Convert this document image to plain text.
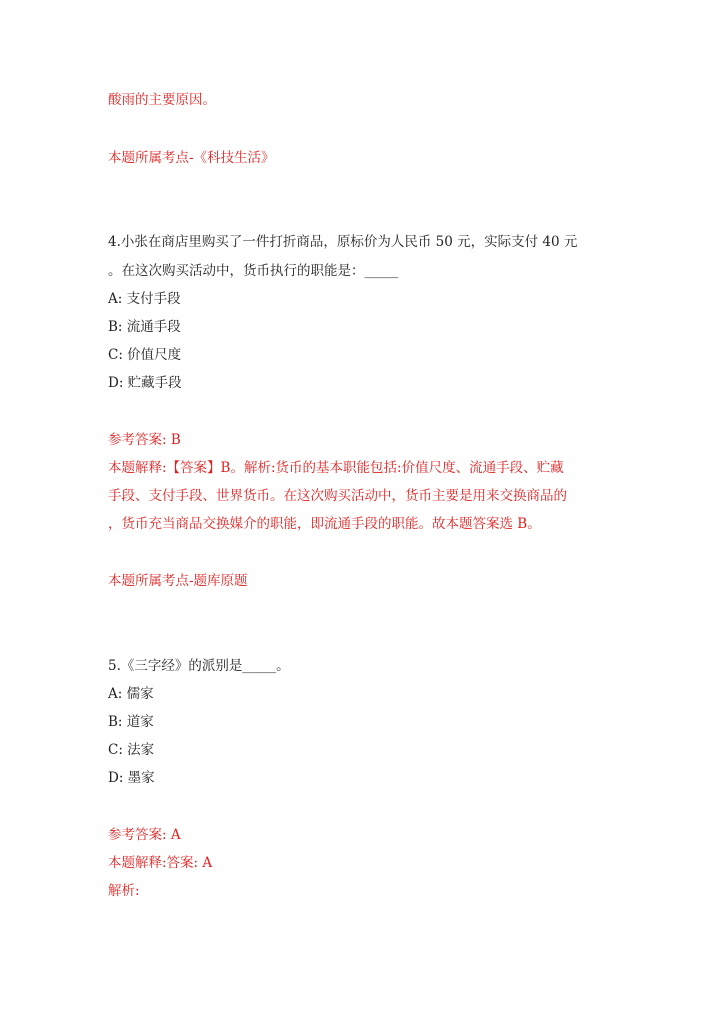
酸雨的主要原因。
本题所属考点-《科技生活》
4.小张在商店里购买了一件打折商品，原标价为人民币 50 元，实际支付 40 元
。在这次购买活动中，货币执行的职能是：_____
A: 支付手段
B: 流通手段
C: 价值尺度
D: 贮藏手段
参考答案: B
本题解释:【答案】B。解析:货币的基本职能包括:价值尺度、流通手段、贮藏
手段、支付手段、世界货币。在这次购买活动中，货币主要是用来交换商品的
，货币充当商品交换媒介的职能，即流通手段的职能。故本题答案选 B。
本题所属考点-题库原题
5.《三字经》的派别是_____。
A: 儒家
B: 道家
C: 法家
D: 墨家
参考答案: A
本题解释:答案: A
解析:
